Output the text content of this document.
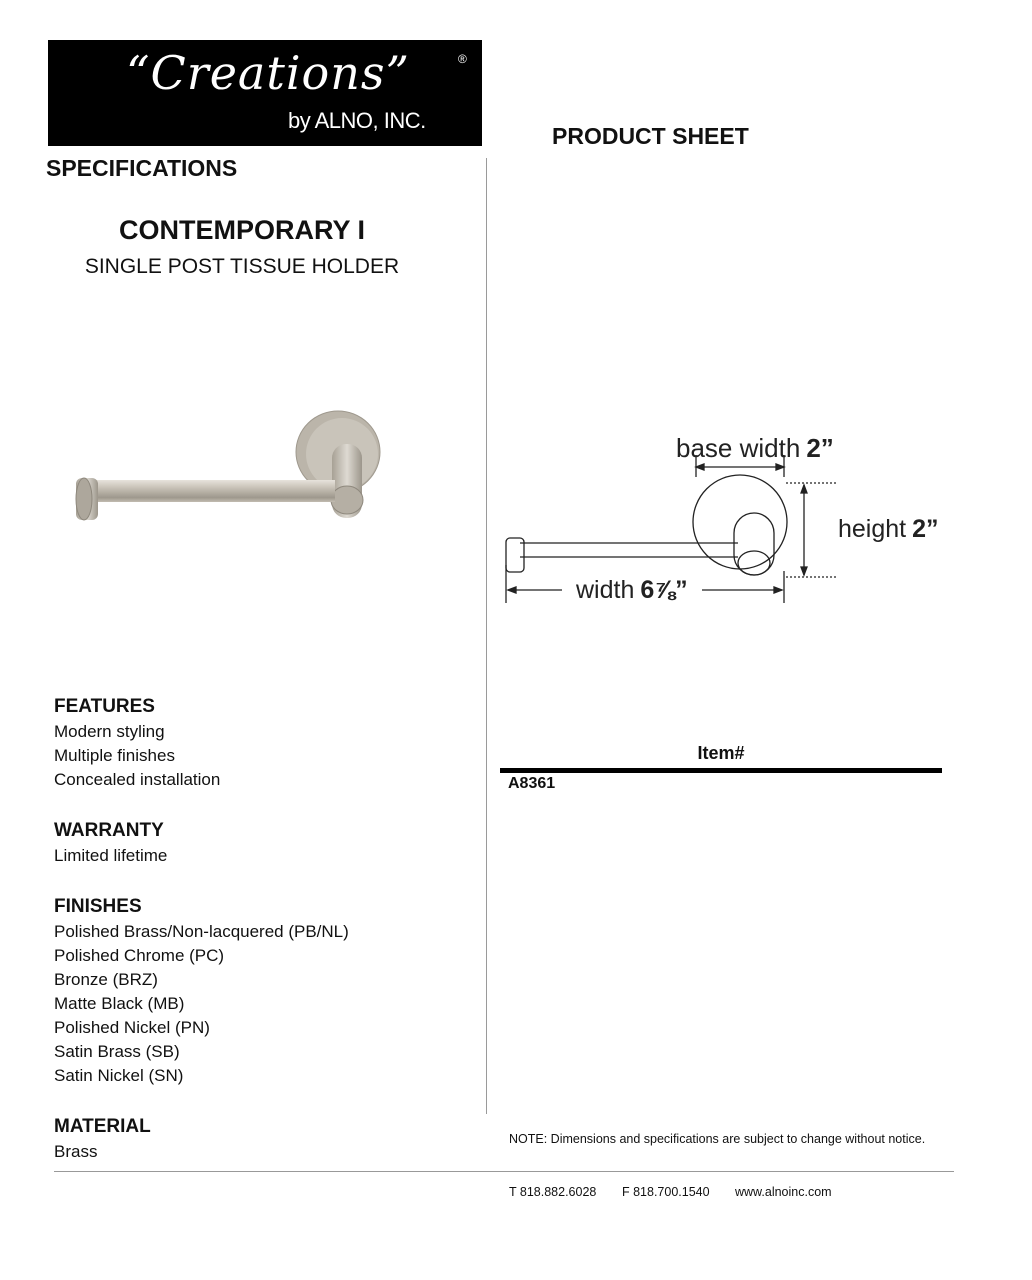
“Creations”	®
by ALNO, INC.
PRODUCT SHEET
SPECIFICATIONS
CONTEMPORARY I
SINGLE POST TISSUE HOLDER
base width 2”
height 2”
width 6⅞”
FEATURES
Modern styling
Multiple finishes
Concealed installation
WARRANTY
Limited lifetime
FINISHES
Polished Brass/Non-lacquered (PB/NL)
Polished Chrome (PC)
Bronze (BRZ)
Matte Black (MB)
Polished Nickel (PN)
Satin Brass (SB)
Satin Nickel (SN)
MATERIAL
Brass
Item#
A8361
NOTE: Dimensions and specifications are subject to change without notice.
T 818.882.6028 F 818.700.1540 www.alnoinc.com
